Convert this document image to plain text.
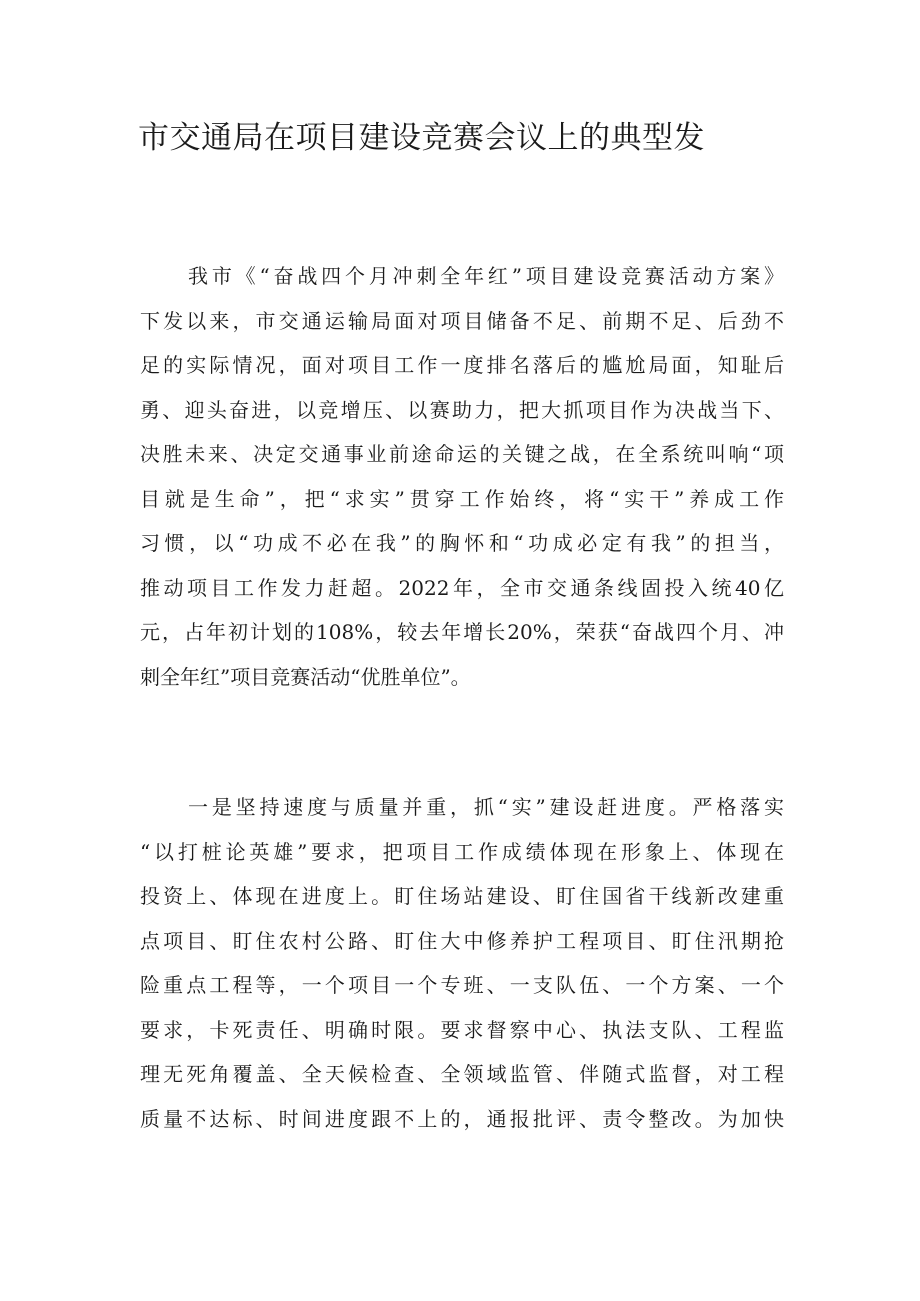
市交通局在项目建设竞赛会议上的典型发
我市《“奋战四个月冲刺全年红”项目建设竞赛活动方案》
下发以来，市交通运输局面对项目储备不足、前期不足、后劲不
足的实际情况，面对项目工作一度排名落后的尴尬局面，知耻后
勇、迎头奋进，以竞增压、以赛助力，把大抓项目作为决战当下、
决胜未来、决定交通事业前途命运的关键之战，在全系统叫响“项
目就是生命”，把“求实”贯穿工作始终，将“实干”养成工作
习惯，以“功成不必在我”的胸怀和“功成必定有我”的担当，
推动项目工作发力赶超。2022年，全市交通条线固投入统40亿
元，占年初计划的108%，较去年增长20%，荣获“奋战四个月、冲
刺全年红”项目竞赛活动“优胜单位”。
一是坚持速度与质量并重，抓“实”建设赶进度。严格落实
“以打桩论英雄”要求，把项目工作成绩体现在形象上、体现在
投资上、体现在进度上。盯住场站建设、盯住国省干线新改建重
点项目、盯住农村公路、盯住大中修养护工程项目、盯住汛期抢
险重点工程等，一个项目一个专班、一支队伍、一个方案、一个
要求，卡死责任、明确时限。要求督察中心、执法支队、工程监
理无死角覆盖、全天候检查、全领域监管、伴随式监督，对工程
质量不达标、时间进度跟不上的，通报批评、责令整改。为加快
